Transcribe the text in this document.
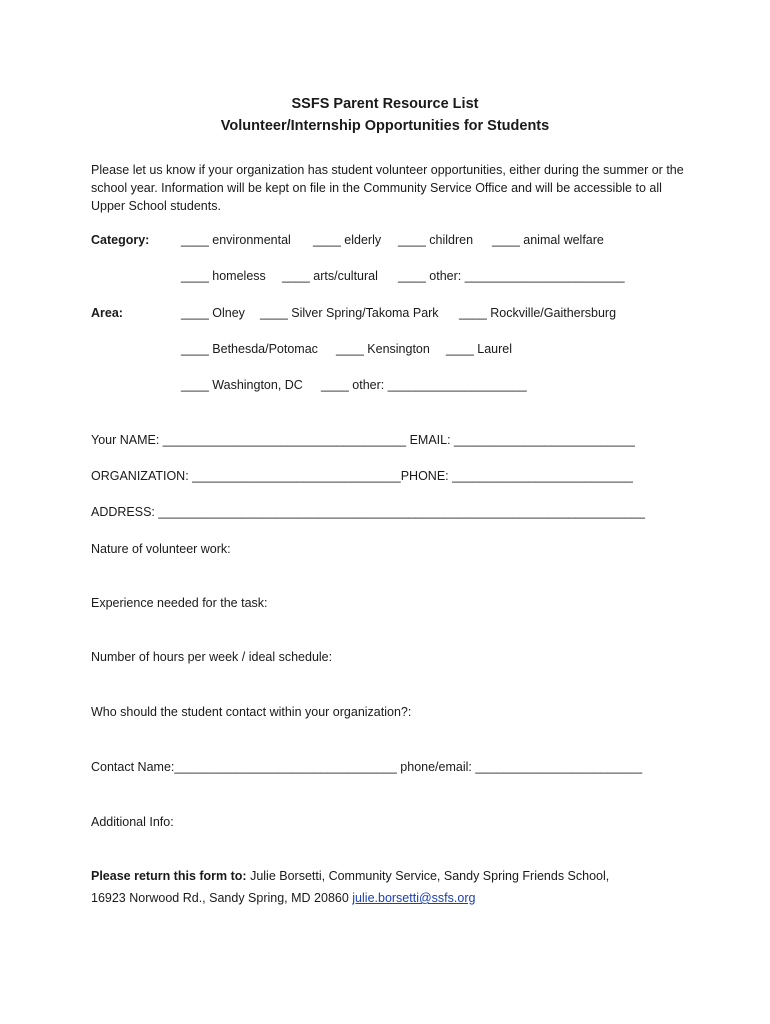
SSFS Parent Resource List
Volunteer/Internship Opportunities for Students
Please let us know if your organization has student volunteer opportunities, either during the summer or the school year. Information will be kept on file in the Community Service Office and will be accessible to all Upper School students.
Category:	____ environmental ____ elderly ____ children ____ animal welfare
____ homeless ____ arts/cultural ____ other: _______________________
Area:	____ Olney ____ Silver Spring/Takoma Park ____ Rockville/Gaithersburg
____ Bethesda/Potomac ____ Kensington ____ Laurel
____ Washington, DC ____ other: ____________________
Your NAME: ___________________________________ EMAIL: __________________________
ORGANIZATION: ______________________________PHONE: __________________________
ADDRESS: ______________________________________________________________________
Nature of volunteer work:
Experience needed for the task:
Number of hours per week / ideal schedule:
Who should the student contact within your organization?:
Contact Name:________________________________ phone/email: ________________________
Additional Info:
Please return this form to: Julie Borsetti, Community Service, Sandy Spring Friends School,
16923 Norwood Rd., Sandy Spring, MD 20860 julie.borsetti@ssfs.org
